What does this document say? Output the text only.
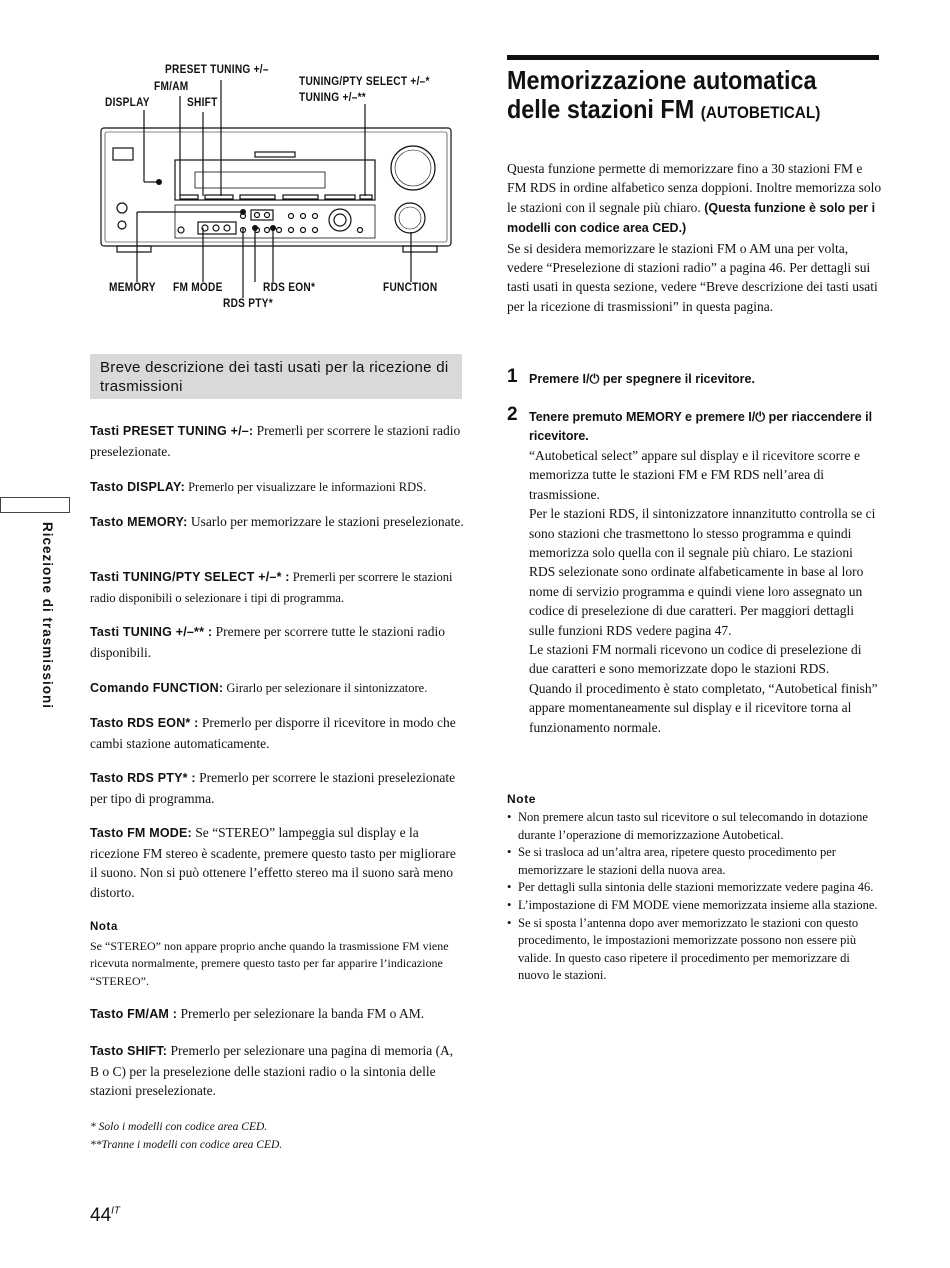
PRESET TUNING +/–
FM/AM
DISPLAY	SHIFT
TUNING/PTY SELECT +/–*
TUNING +/–**
MEMORY FM MODE	RDS EON*
RDS PTY*
FUNCTION
Breve descrizione dei tasti usati per la ricezione di trasmissioni
Tasti PRESET TUNING +/–: Premerli per scorrere le stazioni radio preselezionate.
Tasto DISPLAY: Premerlo per visualizzare le informazioni RDS.
Tasto MEMORY: Usarlo per memorizzare le stazioni preselezionate.
Tasti TUNING/PTY SELECT +/–* : Premerli per scorrere le stazioni radio disponibili o selezionare i tipi di programma.
Tasti TUNING +/–** : Premere per scorrere tutte le stazioni radio disponibili.
Comando FUNCTION: Girarlo per selezionare il sintonizzatore.
Tasto RDS EON* : Premerlo per disporre il ricevitore in modo che cambi stazione automaticamente.
Tasto RDS PTY* : Premerlo per scorrere le stazioni preselezionate per tipo di programma.
Tasto FM MODE: Se “STEREO” lampeggia sul display e la ricezione FM stereo è scadente, premere questo tasto per migliorare il suono. Non si può ottenere l’effetto stereo ma il suono sarà meno distorto.
Nota
Se “STEREO” non appare proprio anche quando la trasmissione FM viene ricevuta normalmente, premere questo tasto per far apparire l’indicazione “STEREO”.
Tasto FM/AM : Premerlo per selezionare la banda FM o AM.
Tasto SHIFT: Premerlo per selezionare una pagina di memoria (A, B o C) per la preselezione delle stazioni radio o la sintonia delle stazioni preselezionate.
* Solo i modelli con codice area CED.
**Tranne i modelli con codice area CED.
Ricezione di trasmissioni
$44^{IT}$
Memorizzazione automatica
delle stazioni FM (AUTOBETICAL)
Questa funzione permette di memorizzare fino a 30 stazioni FM e FM RDS in ordine alfabetico senza doppioni. Inoltre memorizza solo le stazioni con il segnale più chiaro. (Questa funzione è solo per i modelli con codice area CED.)
Se si desidera memorizzare le stazioni FM o AM una per volta, vedere “Preselezione di stazioni radio” a pagina 46. Per dettagli sui tasti usati in questa sezione, vedere “Breve descrizione dei tasti usati per la ricezione di trasmissioni” in questa pagina.
1 Premere I/⏻ per spegnere il ricevitore.
2 Tenere premuto MEMORY e premere I/⏻ per riaccendere il ricevitore.
“Autobetical select” appare sul display e il ricevitore scorre e memorizza tutte le stazioni FM e FM RDS nell’area di trasmissione.
Per le stazioni RDS, il sintonizzatore innanzitutto controlla se ci sono stazioni che trasmettono lo stesso programma e quindi memorizza solo quella con il segnale più chiaro. Le stazioni RDS selezionate sono ordinate alfabeticamente in base al loro nome di servizio programma e quindi viene loro assegnato un codice di preselezione di due caratteri. Per maggiori dettagli sulle funzioni RDS vedere pagina 47.
Le stazioni FM normali ricevono un codice di preselezione di due caratteri e sono memorizzate dopo le stazioni RDS.
Quando il procedimento è stato completato, “Autobetical finish” appare momentaneamente sul display e il ricevitore torna al funzionamento normale.
Note
• Non premere alcun tasto sul ricevitore o sul telecomando in dotazione durante l’operazione di memorizzazione Autobetical.
• Se si trasloca ad un’altra area, ripetere questo procedimento per memorizzare le stazioni della nuova area.
• Per dettagli sulla sintonia delle stazioni memorizzate vedere pagina 46.
• L’impostazione di FM MODE viene memorizzata insieme alla stazione.
• Se si sposta l’antenna dopo aver memorizzato le stazioni con questo procedimento, le impostazioni memorizzate possono non essere più valide. In questo caso ripetere il procedimento per memorizzare di nuovo le stazioni.
